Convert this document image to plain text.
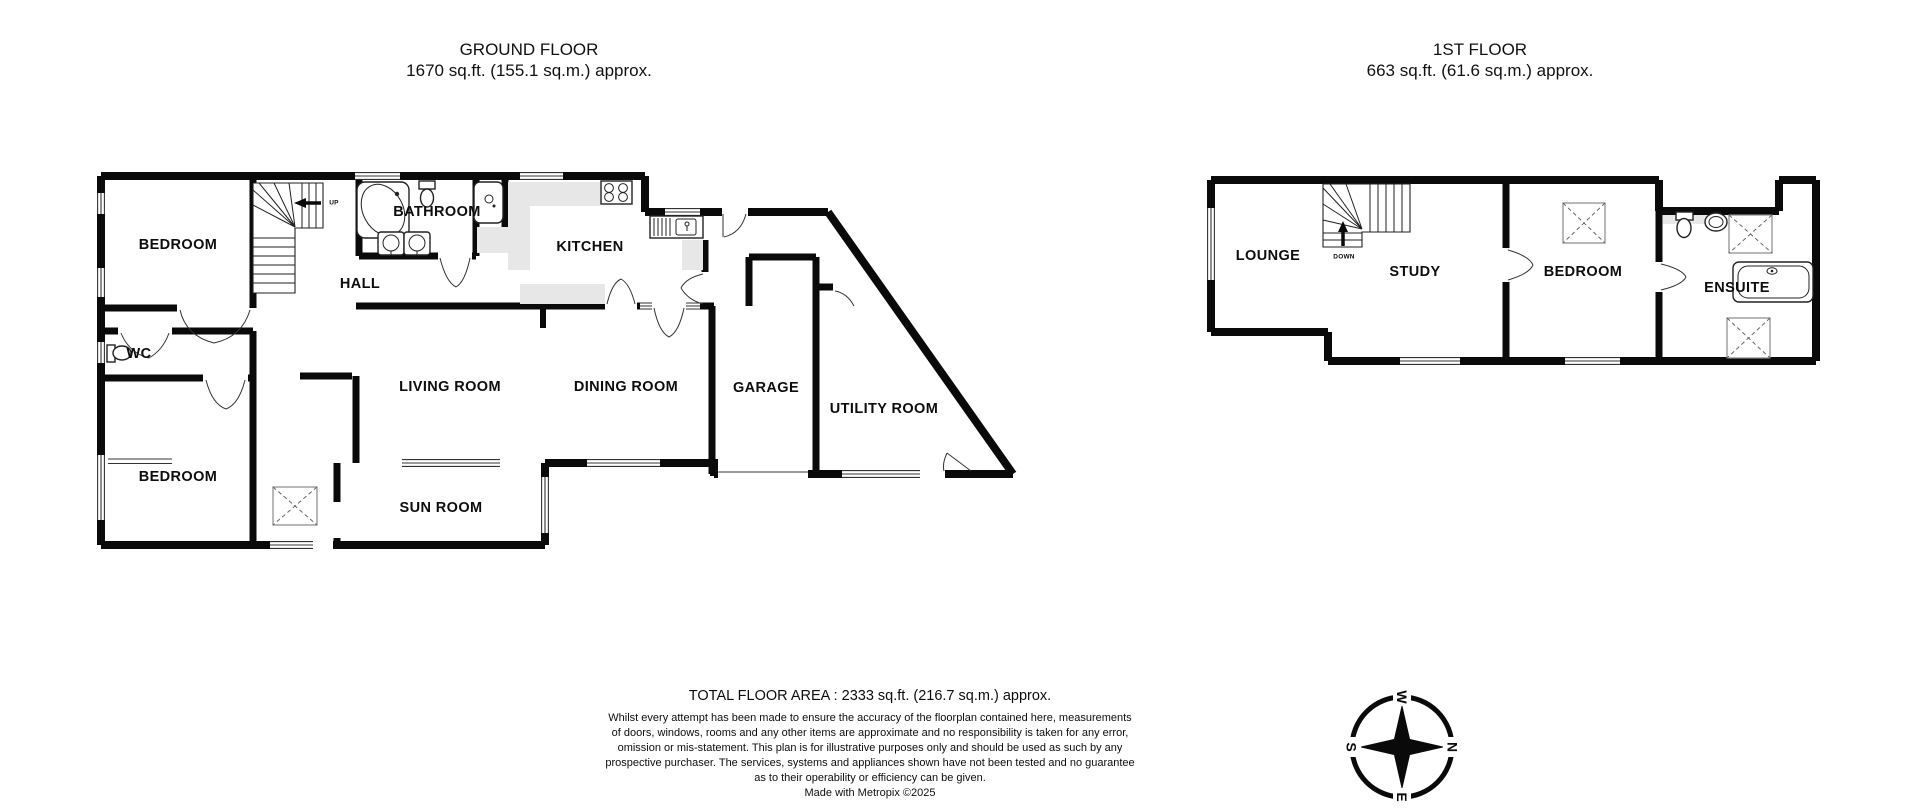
N
E
S
W
GROUND FLOOR
1670 sq.ft. (155.1 sq.m.) approx.
1ST FLOOR
663 sq.ft. (61.6 sq.m.) approx.
BEDROOM
BATHROOM
KITCHEN
HALL
WC
LIVING ROOM	DINING ROOM	GARAGE
UTILITY ROOM
BEDROOM
SUN ROOM
UP
LOUNGE
STUDY	BEDROOM
ENSUITE
DOWN
TOTAL FLOOR AREA : 2333 sq.ft. (216.7 sq.m.) approx.
Whilst every attempt has been made to ensure the accuracy of the floorplan contained here, measurements
of doors, windows, rooms and any other items are approximate and no responsibility is taken for any error,
omission or mis-statement. This plan is for illustrative purposes only and should be used as such by any
prospective purchaser. The services, systems and appliances shown have not been tested and no guarantee
as to their operability or efficiency can be given.
Made with Metropix ©2025
